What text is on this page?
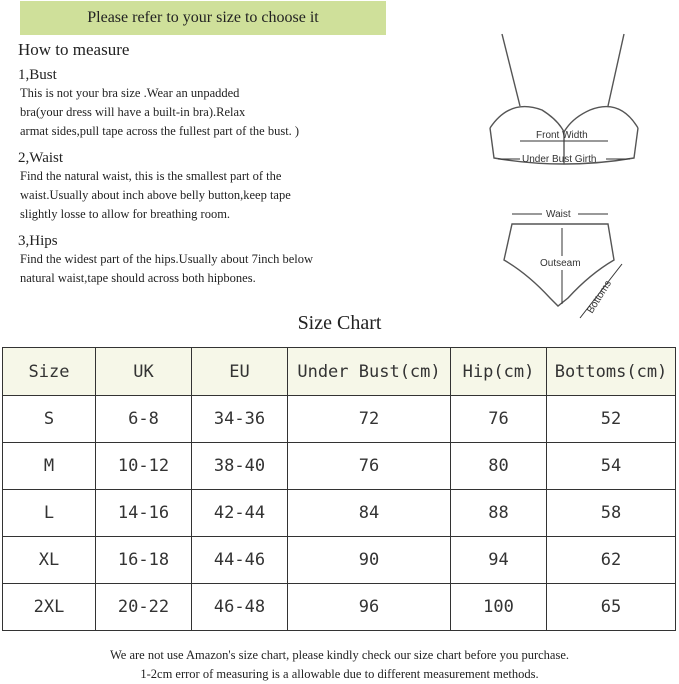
Please refer to your size to choose it
How to measure
1,Bust
This is not your bra size .Wear an unpadded
bra(your dress will have a built-in bra).Relax
armat sides,pull tape across the fullest part of the bust. )
2,Waist
Find the natural waist, this is the smallest part of the
waist.Usually about inch above belly button,keep tape
slightly losse to allow for breathing room.
3,Hips
Find the widest part of the hips.Usually about 7inch below
natural waist,tape should across both hipbones.
Front Width
Under Bust Girth
Waist
Outseam
Bottoms
Size Chart
Size	UK	EU	Under Bust(cm)	Hip(cm)	Bottoms(cm)
S	6-8	34-36	72	76	52
M	10-12	38-40	76	80	54
L	14-16	42-44	84	88	58
XL	16-18	44-46	90	94	62
2XL	20-22	46-48	96	100	65
We are not use Amazon's size chart, please kindly check our size chart before you purchase.
1-2cm error of measuring is a allowable due to different measurement methods.
